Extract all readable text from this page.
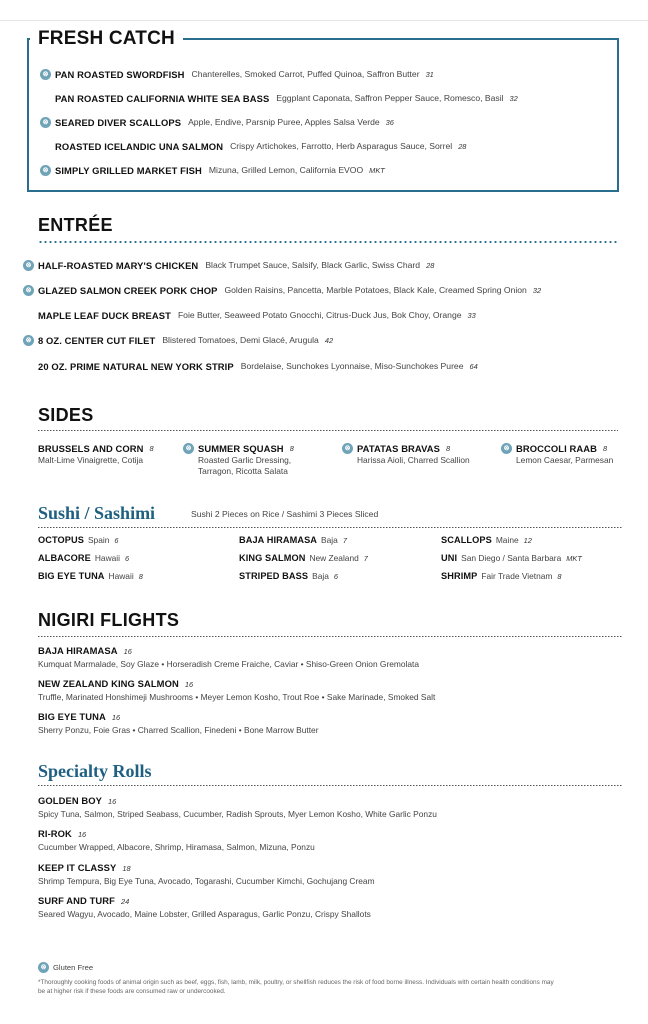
FRESH CATCH
⊗ PAN ROASTED SWORDFISH Chanterelles, Smoked Carrot, Puffed Quinoa, Saffron Butter 31
PAN ROASTED CALIFORNIA WHITE SEA BASS Eggplant Caponata, Saffron Pepper Sauce, Romesco, Basil 32
⊗ SEARED DIVER SCALLOPS Apple, Endive, Parsnip Puree, Apples Salsa Verde 36
ROASTED ICELANDIC UNA SALMON Crispy Artichokes, Farrotto, Herb Asparagus Sauce, Sorrel 28
⊗ SIMPLY GRILLED MARKET FISH Mizuna, Grilled Lemon, California EVOO MKT
ENTRÉE
⊗ HALF-ROASTED MARY'S CHICKEN Black Trumpet Sauce, Salsify, Black Garlic, Swiss Chard 28
⊗ GLAZED SALMON CREEK PORK CHOP Golden Raisins, Pancetta, Marble Potatoes, Black Kale, Creamed Spring Onion 32
MAPLE LEAF DUCK BREAST Foie Butter, Seaweed Potato Gnocchi, Citrus-Duck Jus, Bok Choy, Orange 33
⊗ 8 OZ. CENTER CUT FILET Blistered Tomatoes, Demi Glacé, Arugula 42
20 OZ. PRIME NATURAL NEW YORK STRIP Bordelaise, Sunchokes Lyonnaise, Miso-Sunchokes Puree 64
SIDES
BRUSSELS AND CORN 8
Malt-Lime Vinaigrette, Cotija
⊗ SUMMER SQUASH 8
Roasted Garlic Dressing,
Tarragon, Ricotta Salata
⊗ PATATAS BRAVAS 8
Harissa Aioli, Charred Scallion
⊗ BROCCOLI RAAB 8
Lemon Caesar, Parmesan
Sushi / Sashimi	Sushi 2 Pieces on Rice / Sashimi 3 Pieces Sliced
OCTOPUS Spain 6
ALBACORE Hawaii 6
BIG EYE TUNA Hawaii 8
BAJA HIRAMASA Baja 7
KING SALMON New Zealand 7
STRIPED BASS Baja 6
SCALLOPS Maine 12
UNI San Diego / Santa Barbara MKT
SHRIMP Fair Trade Vietnam 8
NIGIRI FLIGHTS
BAJA HIRAMASA 16
Kumquat Marmalade, Soy Glaze • Horseradish Creme Fraiche, Caviar • Shiso-Green Onion Gremolata
NEW ZEALAND KING SALMON 16
Truffle, Marinated Honshimeji Mushrooms • Meyer Lemon Kosho, Trout Roe • Sake Marinade, Smoked Salt
BIG EYE TUNA 16
Sherry Ponzu, Foie Gras • Charred Scallion, Finedeni • Bone Marrow Butter
Specialty Rolls
GOLDEN BOY 16
Spicy Tuna, Salmon, Striped Seabass, Cucumber, Radish Sprouts, Myer Lemon Kosho, White Garlic Ponzu
RI-ROK 16
Cucumber Wrapped, Albacore, Shrimp, Hiramasa, Salmon, Mizuna, Ponzu
KEEP IT CLASSY 18
Shrimp Tempura, Big Eye Tuna, Avocado, Togarashi, Cucumber Kimchi, Gochujang Cream
SURF AND TURF 24
Seared Wagyu, Avocado, Maine Lobster, Grilled Asparagus, Garlic Ponzu, Crispy Shallots
⊗ Gluten Free
*Thoroughly cooking foods of animal origin such as beef, eggs, fish, lamb, milk, poultry, or shellfish reduces the risk of food borne illness. Individuals with certain health conditions may be at higher risk if these foods are consumed raw or undercooked.
